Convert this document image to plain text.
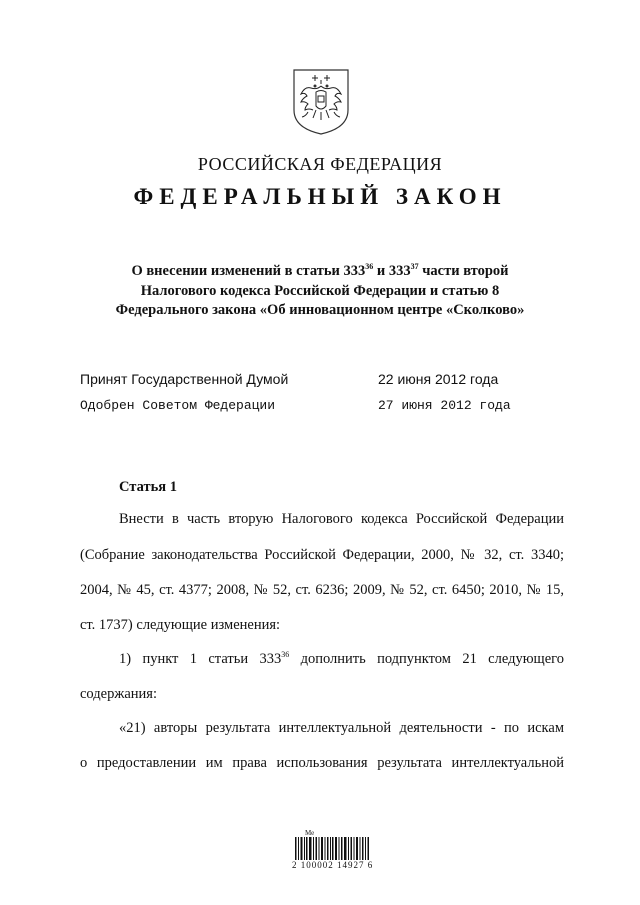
РОССИЙСКАЯ ФЕДЕРАЦИЯ
ФЕДЕРАЛЬНЫЙ ЗАКОН
О внесении изменений в статьи $333^{36}$ и $333^{37}$ части второй
Налогового кодекса Российской Федерации и статью 8
Федерального закона «Об инновационном центре «Сколково»
Принят Государственной Думой	22 июня 2012 года
Одобрен Советом Федерации	27 июня 2012 года
Статья 1
Внести в часть вторую Налогового кодекса Российской Федерации
(Собрание законодательства Российской Федерации, 2000, № 32, ст. 3340;
2004, № 45, ст. 4377; 2008, № 52, ст. 6236; 2009, № 52, ст. 6450; 2010, № 15,
ст. 1737) следующие изменения:
1) пункт 1 статьи $333^{36}$ дополнить подпунктом 21 следующего
содержания:
«21) авторы результата интеллектуальной деятельности - по искам
о предоставлении им права использования результата интеллектуальной
Ме
2 100002 14927 6
